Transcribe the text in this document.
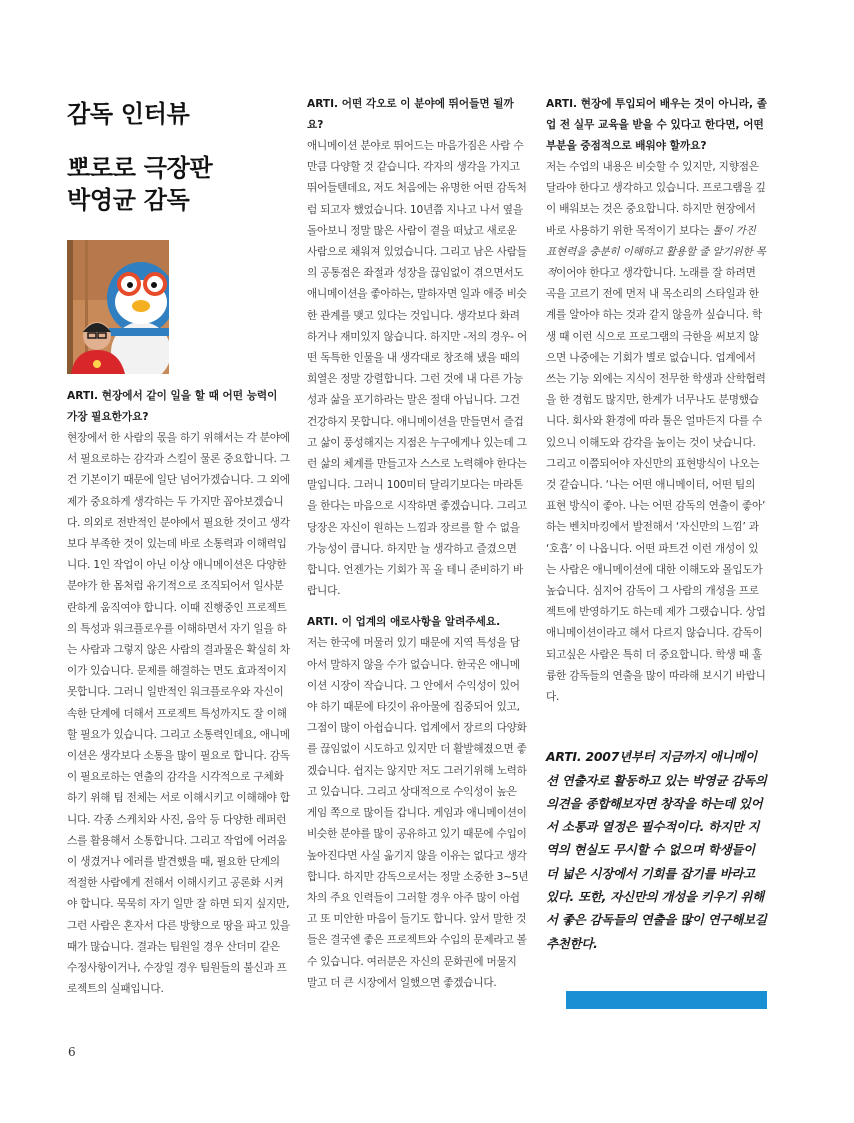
감독 인터뷰
뽀로로 극장판
박영균 감독

ARTI. 현장에서 같이 일을 할 때 어떤 능력이 가장 필요한가요?

현장에서 한 사람의 몫을 하기 위해서는 각 분야에서 필요로하는 감각과 스킬이 물론 중요합니다. 그건 기본이기 때문에 일단 넘어가겠습니다. 그 외에 제가 중요하게 생각하는 두 가지만 꼽아보겠습니다. 의외로 전반적인 분야에서 필요한 것이고 생각보다 부족한 것이 있는데 바로 소통력과 이해력입니다. 1인 작업이 아닌 이상 애니메이션은 다양한 분야가 한 몸처럼 유기적으로 조직되어서 일사분란하게 움직여야 합니다. 이때 진행중인 프로젝트의 특성과 워크플로우를 이해하면서 자기 일을 하는 사람과 그렇지 않은 사람의 결과물은 확실히 차이가 있습니다. 문제를 해결하는 면도 효과적이지 못합니다. 그러니 일반적인 워크플로우와 자신이 속한 단계에 더해서 프로젝트 특성까지도 잘 이해할 필요가 있습니다. 그리고 소통력인데요, 애니메이션은 생각보다 소통을 많이 필요로 합니다. 감독이 필요로하는 연출의 감각을 시각적으로 구체화 하기 위해 팀 전체는 서로 이해시키고 이해해야 합니다. 각종 스케치와 사진, 음악 등 다양한 레퍼런스를 활용해서 소통합니다. 그리고 작업에 어려움이 생겼거나 에러를 발견했을 때, 필요한 단계의 적절한 사람에게 전해서 이해시키고 공론화 시켜야 합니다. 묵묵히 자기 일만 잘 하면 되지 싶지만, 그런 사람은 혼자서 다른 방향으로 땅을 파고 있을 때가 많습니다. 결과는 팀원일 경우 산더미 같은 수정사항이거나, 수장일 경우 팀원들의 불신과 프로젝트의 실패입니다.

ARTI. 어떤 각오로 이 분야에 뛰어들면 될까요?

애니메이션 분야로 뛰어드는 마음가짐은 사람 수 만큼 다양할 것 같습니다. 각자의 생각을 가지고 뛰어들텐데요, 저도 처음에는 유명한 어떤 감독처럼 되고자 했었습니다. 10년쯤 지나고 나서 옆을 돌아보니 정말 많은 사람이 곁을 떠났고 새로운 사람으로 채워져 있었습니다. 그리고 남은 사람들의 공통점은 좌절과 성장을 끊임없이 겪으면서도 애니메이션을 좋아하는, 말하자면 일과 애증 비슷한 관계를 맺고 있다는 것입니다. 생각보다 화려하거나 재미있지 않습니다. 하지만 -저의 경우- 어떤 독특한 인물을 내 생각대로 창조해 냈을 때의 희열은 정말 강렬합니다. 그런 것에 내 다른 가능성과 삶을 포기하라는 말은 절대 아닙니다. 그건 건강하지 못합니다. 애니메이션을 만들면서 즐겁고 삶이 풍성해지는 지점은 누구에게나 있는데 그런 삶의 체계를 만들고자 스스로 노력해야 한다는 말입니다. 그러니 100미터 달리기보다는 마라톤을 한다는 마음으로 시작하면 좋겠습니다. 그리고 당장은 자신이 원하는 느낌과 장르를 할 수 없을 가능성이 큽니다. 하지만 늘 생각하고 즐겼으면 합니다. 언젠가는 기회가 꼭 올 테니 준비하기 바랍니다.

ARTI. 이 업계의 애로사항을 알려주세요.

저는 한국에 머물러 있기 때문에 지역 특성을 담아서 말하지 않을 수가 없습니다. 한국은 애니메이션 시장이 작습니다. 그 안에서 수익성이 있어야 하기 때문에 타깃이 유아물에 집중되어 있고, 그점이 많이 아쉽습니다. 업계에서 장르의 다양화를 끊임없이 시도하고 있지만 더 활발해졌으면 좋겠습니다. 쉽지는 않지만 저도 그러기위해 노력하고 있습니다. 그리고 상대적으로 수익성이 높은 게임 쪽으로 많이들 갑니다. 게임과 애니메이션이 비슷한 분야를 많이 공유하고 있기 때문에 수입이 높아진다면 사실 옮기지 않을 이유는 없다고 생각합니다. 하지만 감독으로서는 정말 소중한 3~5년차의 주요 인력들이 그러할 경우 아주 많이 아쉽고 또 미안한 마음이 들기도 합니다. 앞서 말한 것들은 결국엔 좋은 프로젝트와 수입의 문제라고 볼 수 있습니다. 여러분은 자신의 문화권에 머물지 말고 더 큰 시장에서 일했으면 좋겠습니다.

ARTI. 현장에 투입되어 배우는 것이 아니라, 졸업 전 실무 교육을 받을 수 있다고 한다면, 어떤 부분을 중점적으로 배워야 할까요?

저는 수업의 내용은 비슷할 수 있지만, 지향점은 달라야 한다고 생각하고 있습니다. 프로그램을 깊이 배워보는 것은 중요합니다. 하지만 현장에서 바로 사용하기 위한 목적이기 보다는 툴이 가진 표현력을 충분히 이해하고 활용할 줄 알기위한 목적이어야 한다고 생각합니다. 노래를 잘 하려면 곡을 고르기 전에 먼저 내 목소리의 스타일과 한계를 알아야 하는 것과 같지 않을까 싶습니다. 학생 때 이런 식으로 프로그램의 극한을 써보지 않으면 나중에는 기회가 별로 없습니다. 업계에서 쓰는 기능 외에는 지식이 전무한 학생과 산학협력을 한 경험도 많지만, 한계가 너무나도 분명했습니다. 회사와 환경에 따라 툴은 얼마든지 다를 수 있으니 이해도와 감각을 높이는 것이 낫습니다. 그리고 이쯤되어야 자신만의 표현방식이 나오는 것 같습니다. ‘나는 어떤 애니메이터, 어떤 팀의 표현 방식이 좋아. 나는 어떤 감독의 연출이 좋아’ 하는 벤치마킹에서 발전해서 ‘자신만의 느낌’ 과 ‘호흡’ 이 나옵니다. 어떤 파트건 이런 개성이 있는 사람은 애니메이션에 대한 이해도와 몰입도가 높습니다. 심지어 감독이 그 사람의 개성을 프로젝트에 반영하기도 하는데 제가 그랬습니다. 상업 애니메이션이라고 해서 다르지 않습니다. 감독이 되고싶은 사람은 특히 더 중요합니다. 학생 때 훌륭한 감독들의 연출을 많이 따라해 보시기 바랍니다.

ARTI. 2007년부터 지금까지 애니메이션 연출자로 활동하고 있는 박영균 감독의 의견을 종합해보자면 창작을 하는데 있어서 소통과 열정은 필수적이다. 하지만 지역의 현실도 무시할 수 없으며 학생들이 더 넓은 시장에서 기회를 잡기를 바라고 있다. 또한, 자신만의 개성을 키우기 위해서 좋은 감독들의 연출을 많이 연구해보길 추천한다.

6
